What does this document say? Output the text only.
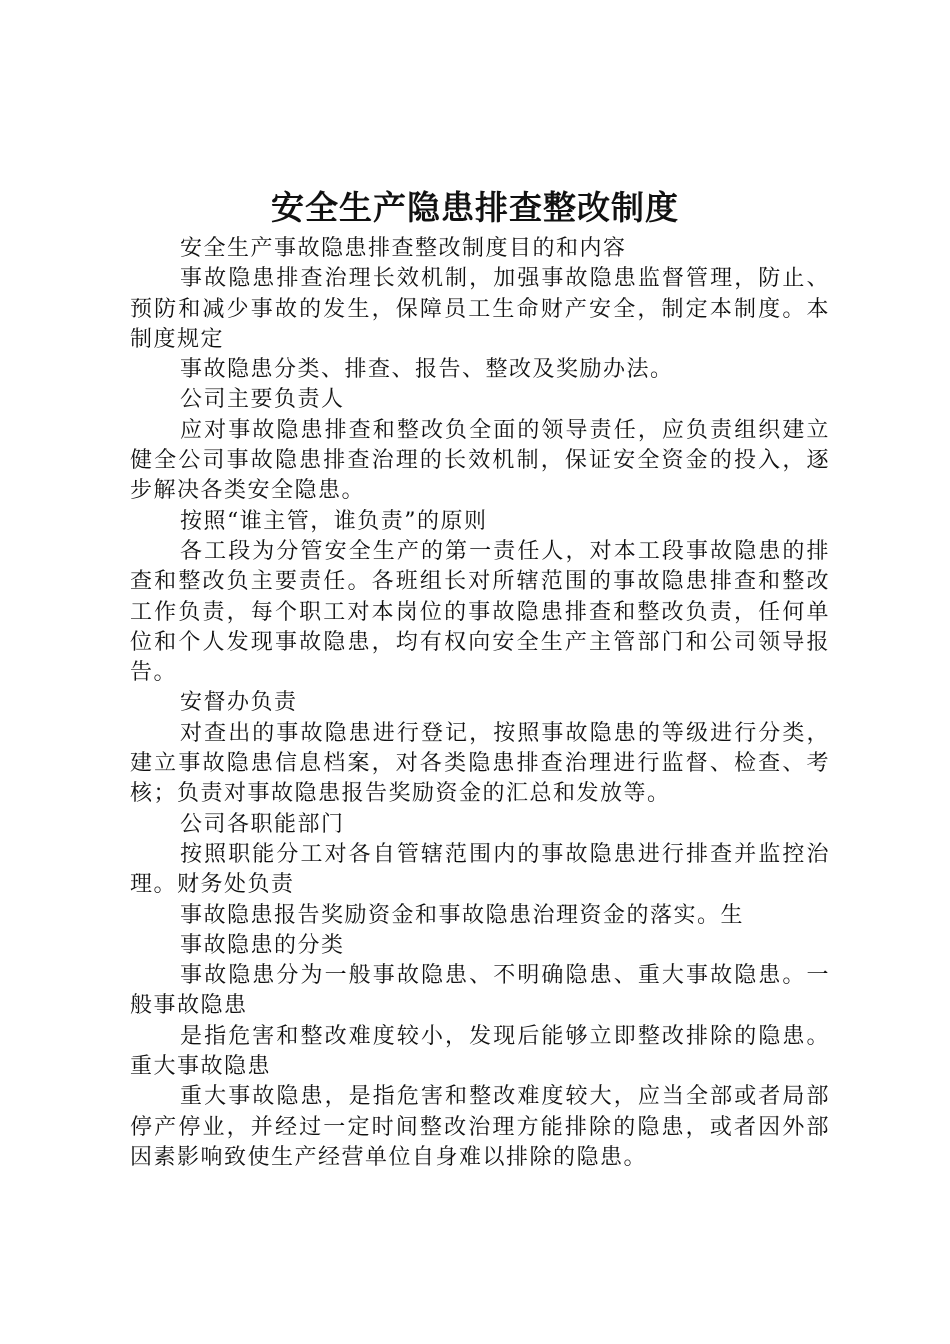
安全生产隐患排查整改制度

安全生产事故隐患排查整改制度目的和内容

事故隐患排查治理长效机制，加强事故隐患监督管理，防止、预防和减少事故的发生，保障员工生命财产安全，制定本制度。本制度规定

事故隐患分类、排查、报告、整改及奖励办法。

公司主要负责人

应对事故隐患排查和整改负全面的领导责任，应负责组织建立健全公司事故隐患排查治理的长效机制，保证安全资金的投入，逐步解决各类安全隐患。

按照“谁主管，谁负责”的原则

各工段为分管安全生产的第一责任人，对本工段事故隐患的排查和整改负主要责任。各班组长对所辖范围的事故隐患排查和整改工作负责，每个职工对本岗位的事故隐患排查和整改负责，任何单位和个人发现事故隐患，均有权向安全生产主管部门和公司领导报告。

安督办负责

对查出的事故隐患进行登记，按照事故隐患的等级进行分类，建立事故隐患信息档案，对各类隐患排查治理进行监督、检查、考核；负责对事故隐患报告奖励资金的汇总和发放等。

公司各职能部门

按照职能分工对各自管辖范围内的事故隐患进行排查并监控治理。财务处负责

事故隐患报告奖励资金和事故隐患治理资金的落实。生

事故隐患的分类

事故隐患分为一般事故隐患、不明确隐患、重大事故隐患。一般事故隐患

是指危害和整改难度较小，发现后能够立即整改排除的隐患。重大事故隐患

重大事故隐患，是指危害和整改难度较大，应当全部或者局部停产停业，并经过一定时间整改治理方能排除的隐患，或者因外部因素影响致使生产经营单位自身难以排除的隐患。
